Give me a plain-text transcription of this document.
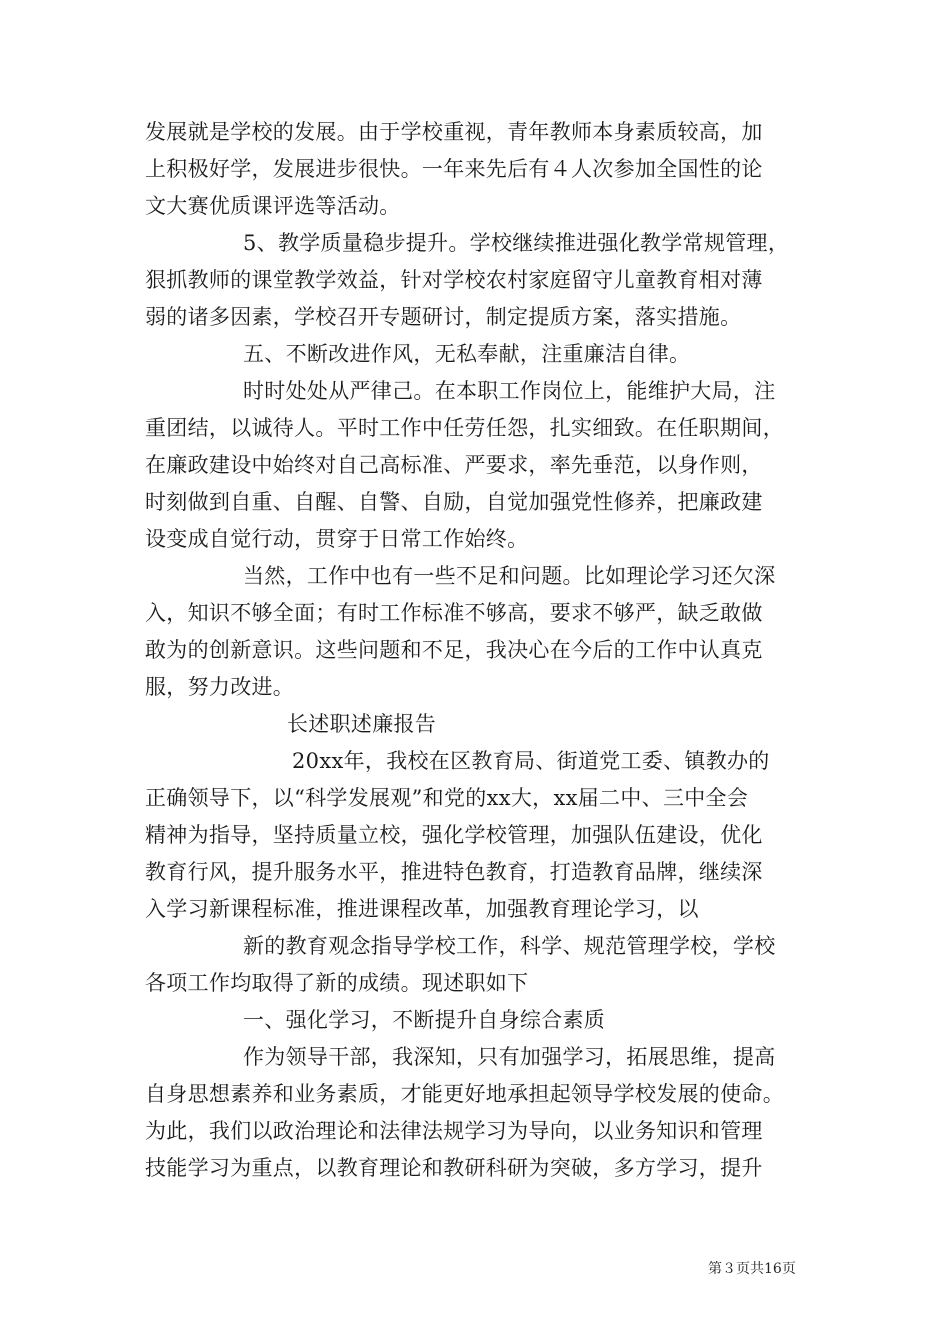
发展就是学校的发展。由于学校重视，青年教师本身素质较高，加
上积极好学，发展进步很快。一年来先后有４人次参加全国性的论
文大赛优质课评选等活动。
5、教学质量稳步提升。学校继续推进强化教学常规管理，
狠抓教师的课堂教学效益，针对学校农村家庭留守儿童教育相对薄
弱的诸多因素，学校召开专题研讨，制定提质方案，落实措施。
五、不断改进作风，无私奉献，注重廉洁自律。
时时处处从严律己。在本职工作岗位上，能维护大局，注
重团结，以诚待人。平时工作中任劳任怨，扎实细致。在任职期间，
在廉政建设中始终对自己高标准、严要求，率先垂范，以身作则，
时刻做到自重、自醒、自警、自励，自觉加强党性修养，把廉政建
设变成自觉行动，贯穿于日常工作始终。
当然，工作中也有一些不足和问题。比如理论学习还欠深
入，知识不够全面；有时工作标准不够高，要求不够严，缺乏敢做
敢为的创新意识。这些问题和不足，我决心在今后的工作中认真克
服，努力改进。
长述职述廉报告
20xx年，我校在区教育局、街道党工委、镇教办的
正确领导下，以“科学发展观”和党的xx大，xx届二中、三中全会
精神为指导，坚持质量立校，强化学校管理，加强队伍建设，优化
教育行风，提升服务水平，推进特色教育，打造教育品牌，继续深
入学习新课程标准，推进课程改革，加强教育理论学习，以
新的教育观念指导学校工作，科学、规范管理学校，学校
各项工作均取得了新的成绩。现述职如下
一、强化学习，不断提升自身综合素质
作为领导干部，我深知，只有加强学习，拓展思维，提高
自身思想素养和业务素质，才能更好地承担起领导学校发展的使命。
为此，我们以政治理论和法律法规学习为导向，以业务知识和管理
技能学习为重点，以教育理论和教研科研为突破，多方学习，提升
第３页共16页
